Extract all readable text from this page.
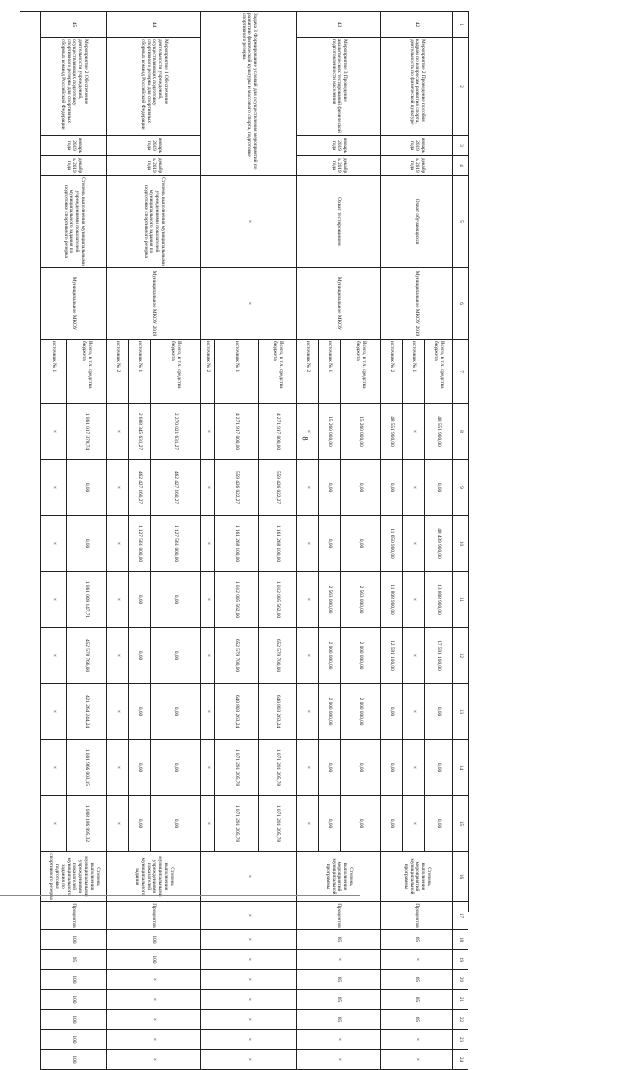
8
1
2
3
4
5
6
7
8
9
10
11
12
13
14
15
16
17
18
19
20
21
22
23
24
42
Мероприятие 2 Проведение пособия кадрам по вопросам развития спорта, деятельность по физической культуре
январь 2019 года
декабрь 2019 года
Охват обучающихся
Муниципальное МКОУ 2019
Всего, в т.ч. средства бюджета
48 551 900,00
0,00
48 439 900,00
13 808 900,00
17 591 100,00
0,00
0,00
0,00
источник № 1
×
×
×
×
×
×
×
×
источник № 2
48 551 900,00
0,00
11 650 900,00
11 808 900,00
12 591 100,00
0,00
0,00
0,00
Степень выполнения мероприятий муниципальной программы
Процентов
85
×
85
85
85
×
×
43
Мероприятие 3 Проведение аналитических тестирований физической подготовленности населения
январь 2019 года
декабрь 2019 года
Охват тестированием
Муниципальное МКОУ
Всего, в т.ч. средства бюджета
15 260 000,00
0,00
0,00
2 563 000,00
2 000 000,00
2 000 000,00
0,00
0,00
источник № 1
15 260 000,00
0,00
0,00
2 563 000,00
2 000 000,00
2 000 000,00
0,00
0,00
источник № 2
×
×
×
×
×
×
×
×
Степень выполнения мероприятий муниципальной программы
Процентов
85
×
85
85
85
×
×
Задача 3 Формирование условий для осуществления мероприятий по развитию физической культуры и массового спорта, подготовке спортивного резерва
×
×
Всего, в т.ч. средства бюджета
4 271 917 000,00
559 426 022,27
1 161 268 100,00
1 012 005 562,00
652 579 700,00
640 803 263,24
1 071 291 205,78
1 071 291 205,78
источник № 1
4 271 917 000,00
559 426 022,27
1 161 268 100,00
1 012 005 562,00
652 579 700,00
640 803 263,24
1 071 291 205,78
1 071 291 205,78
источник № 2
×
×
×
×
×
×
×
×
×
×
×
×
×
×
×
×
×
44
Мероприятие 1 Обеспечение деятельности учреждений, осуществляющих подготовку спортивного резерва для спортивных сборных команд Российской Федерации
январь 2019 года
декабрь 2019 года
Степень выполнения муниципальными учреждениями показателей муниципального задания по подготовке спортивного резерва
Муниципальное МКОУ 2019
Всего, в т.ч. средства бюджета
2 270 021 631,27
462 427 160,27
1 127 561 000,00
0,00
0,00
0,00
0,00
0,00
источник № 1
2 688 345 631,27
462 427 160,27
1 127 561 000,00
0,00
0,00
0,00
0,00
0,00
источник № 2
×
×
×
×
×
×
×
×
Степень выполнения муниципальными учреждениями показателей муниципального задания
Процентов
100
100
×
×
×
×
×
45
Мероприятие 2 Обеспечение деятельности учреждений, осуществляющих подготовку спортивного резерва для спортивных сборных команд Российской Федерации
январь 2019 года
декабрь 2019 года
Степень выполнения муниципальными учреждениями показателей муниципального задания по подготовке спортивного резерва
Муниципальное МКОУ
Всего, в т.ч. средства бюджета
1 061 017 378,74
0,00
0,00
1 061 009 147,71
452 578 766,00
421 264 244,24
1 001 966 003,15
1 008 186 995,32
источник № 1
×
×
×
×
×
×
×
×
Степень выполнения муниципальными учреждениями показателей муниципального задания по подготовке спортивного резерва
Процентов
100
95
100
100
100
100
100
